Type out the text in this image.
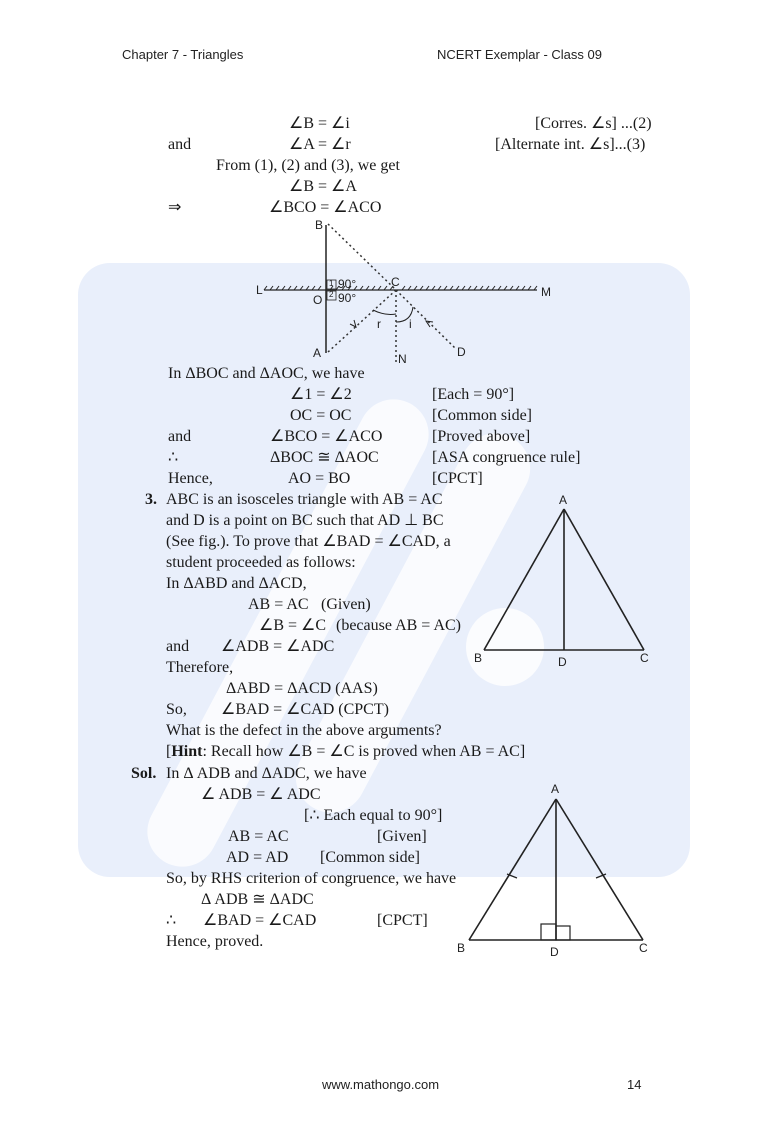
Chapter 7 - Triangles	NCERT Exemplar - Class 09
∠B = ∠i	[Corres. ∠s] ...(2)
and	∠A = ∠r	[Alternate int. ∠s]...(3)
From (1), (2) and (3), we get
∠B = ∠A
⇒	∠BCO = ∠ACO
B
A
L	M
O
C
N	D
r i
1
2
90°
90°
In ΔBOC and ΔAOC, we have
∠1 = ∠2	[Each = 90°]
OC = OC	[Common side]
and	∠BCO = ∠ACO	[Proved above]
∴	ΔBOC ≅ ΔAOC	[ASA congruence rule]
Hence,	AO = BO	[CPCT]
3. ABC is an isosceles triangle with AB = AC
and D is a point on BC such that AD ⊥ BC
(See fig.). To prove that ∠BAD = ∠CAD, a
student proceeded as follows:
In ΔABD and ΔACD,
AB = AC (Given)
∠B = ∠C (because AB = AC)
and ∠ADB = ∠ADC
Therefore,
ΔABD = ΔACD (AAS)
So, ∠BAD = ∠CAD (CPCT)
What is the defect in the above arguments?
[Hint: Recall how ∠B = ∠C is proved when AB = AC]
A
B	D	C
Sol. In Δ ADB and ΔADC, we have
∠ ADB = ∠ ADC
[∴ Each equal to 90°]
AB = AC	[Given]
AD = AD [Common side]
So, by RHS criterion of congruence, we have
Δ ADB ≅ ΔADC
∴ ∠BAD = ∠CAD	[CPCT]
Hence, proved.
A
B	D	C
www.mathongo.com	14
